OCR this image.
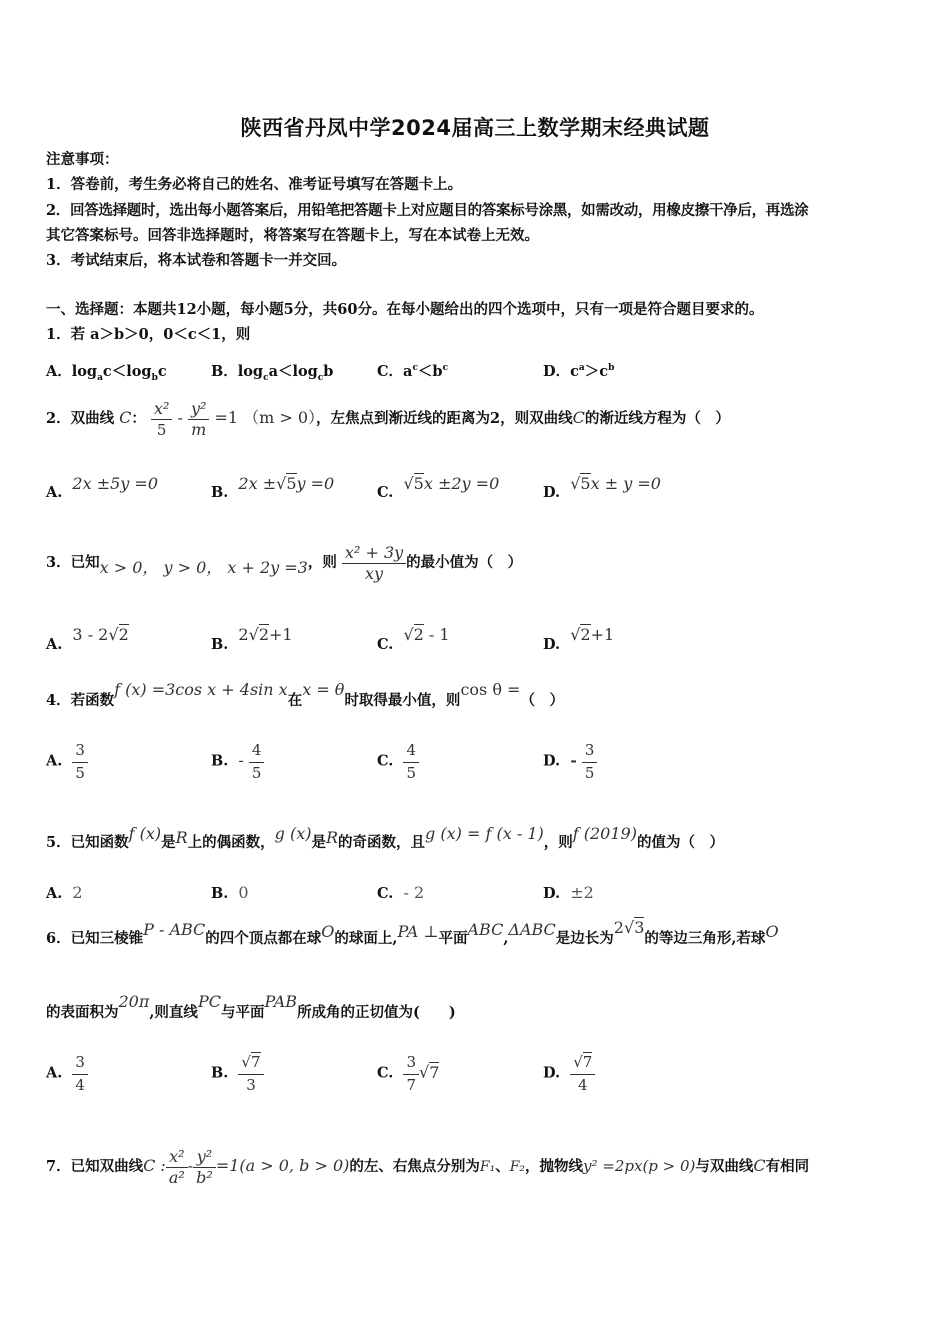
陕西省丹凤中学2024届高三上数学期末经典试题
注意事项：
1．答卷前，考生务必将自己的姓名、准考证号填写在答题卡上。
2．回答选择题时，选出每小题答案后，用铅笔把答题卡上对应题目的答案标号涂黑，如需改动，用橡皮擦干净后，再选涂
其它答案标号。回答非选择题时，将答案写在答题卡上，写在本试卷上无效。
3．考试结束后，将本试卷和答题卡一并交回。
一、选择题：本题共12小题，每小题5分，共60分。在每小题给出的四个选项中，只有一项是符合题目要求的。
1．若 a＞b＞0，0＜c＜1，则
A．$\log_ac<\log_bc$	B．$\log_ca<\log_cb$	C．$a^c<b^c$	D．$c^a>c^b$
2．双曲线 C： $\frac{\text{x²}}{5} - \frac{\text{y²}}{m} =1$ （m > 0），左焦点到渐近线的距离为2，则双曲线C的渐近线方程为（　）
A. 2x ±5y =0	B. 2x ±√5y =0	C. √5x ±2y =0	D. √5x ± y =0
3．已知x > 0， y > 0， x + 2y =3，则 $\frac{\text{x² + 3y}}{xy}$ 的最小值为（　）
A.  3 - 2√2
B.  2√2+1
C.  √2 - 1
D.  √2+1
4．若函数f (x) =3cos x + 4sin x在x = θ时取得最小值，则cos θ =（　）
A. $\frac{3}{5}$	B. - $\frac{4}{5}$	C. $\frac{4}{5}$	D. - $\frac{3}{5}$
5．已知函数f (x)是R上的偶函数，g (x)是R的奇函数，且g (x) = f (x - 1)，则f (2019)的值为（　）
A. 2	B. 0	C. - 2	D. ±2
6．已知三棱锥P - ABC的四个顶点都在球O的球面上,PA ⊥平面ABC,ΔABC是边长为2√3的等边三角形,若球O
的表面积为20π,则直线PC与平面PAB所成角的正切值为(　　)
A. $\frac{3}{4}$	B. $\frac{√7}{3}$	C. $\frac{3}{7} √7$	D. $\frac{√7}{4}$
7．已知双曲线C : $\frac{\text{x²}}{\text{a²}} - \frac{\text{y²}}{\text{b²}} =1(a > 0$, b > 0)的左、右焦点分别为F₁、F₂，抛物线y² =2px(p > 0)与双曲线C有相同
